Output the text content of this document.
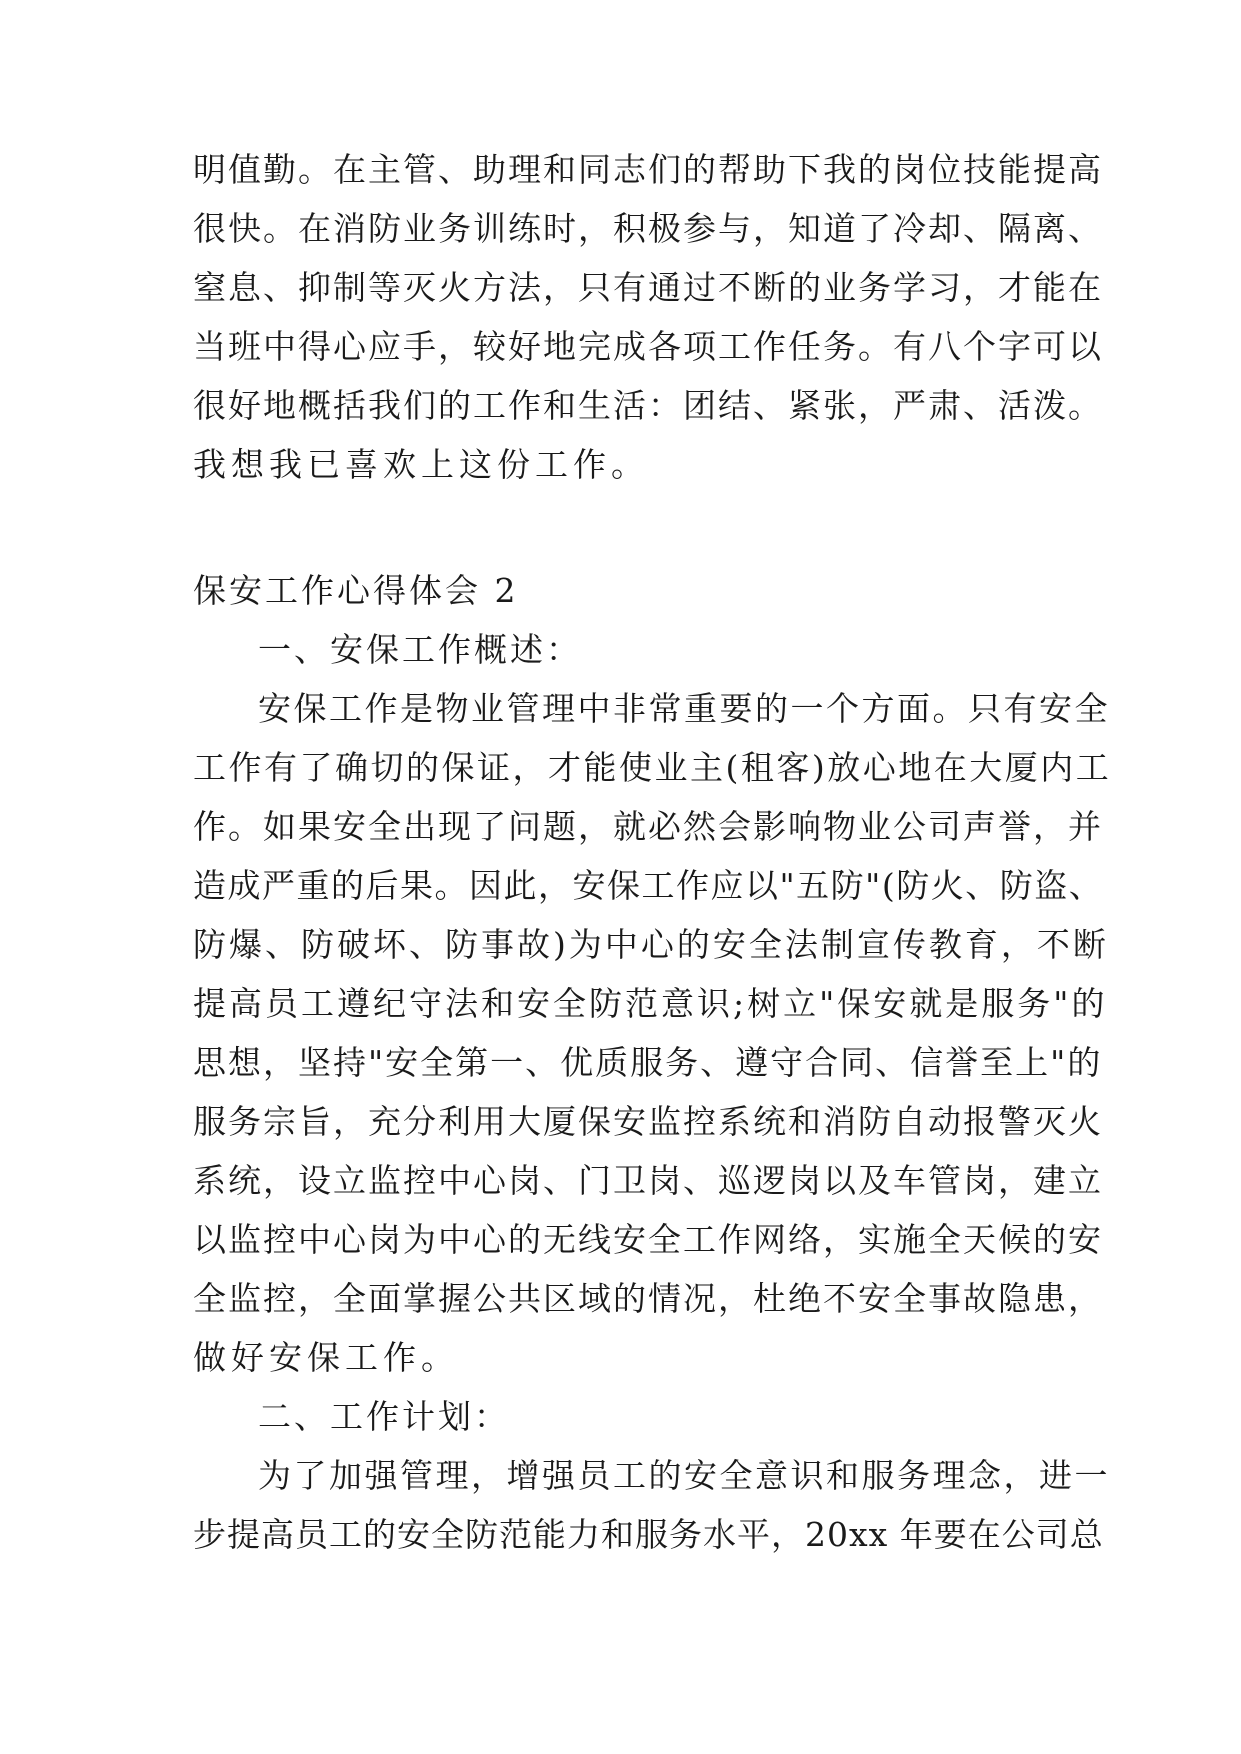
明值勤。在主管、助理和同志们的帮助下我的岗位技能提高
很快。在消防业务训练时，积极参与，知道了冷却、隔离、
窒息、抑制等灭火方法，只有通过不断的业务学习，才能在
当班中得心应手，较好地完成各项工作任务。有八个字可以
很好地概括我们的工作和生活：团结、紧张，严肃、活泼。
我想我已喜欢上这份工作。
保安工作心得体会 2
一、安保工作概述：
安保工作是物业管理中非常重要的一个方面。只有安全
工作有了确切的保证，才能使业主(租客)放心地在大厦内工
作。如果安全出现了问题，就必然会影响物业公司声誉，并
造成严重的后果。因此，安保工作应以"五防"(防火、防盗、
防爆、防破坏、防事故)为中心的安全法制宣传教育，不断
提高员工遵纪守法和安全防范意识;树立"保安就是服务"的
思想，坚持"安全第一、优质服务、遵守合同、信誉至上"的
服务宗旨，充分利用大厦保安监控系统和消防自动报警灭火
系统，设立监控中心岗、门卫岗、巡逻岗以及车管岗，建立
以监控中心岗为中心的无线安全工作网络，实施全天候的安
全监控，全面掌握公共区域的情况，杜绝不安全事故隐患，
做好安保工作。
二、工作计划：
为了加强管理，增强员工的安全意识和服务理念，进一
步提高员工的安全防范能力和服务水平，20xx 年要在公司总
